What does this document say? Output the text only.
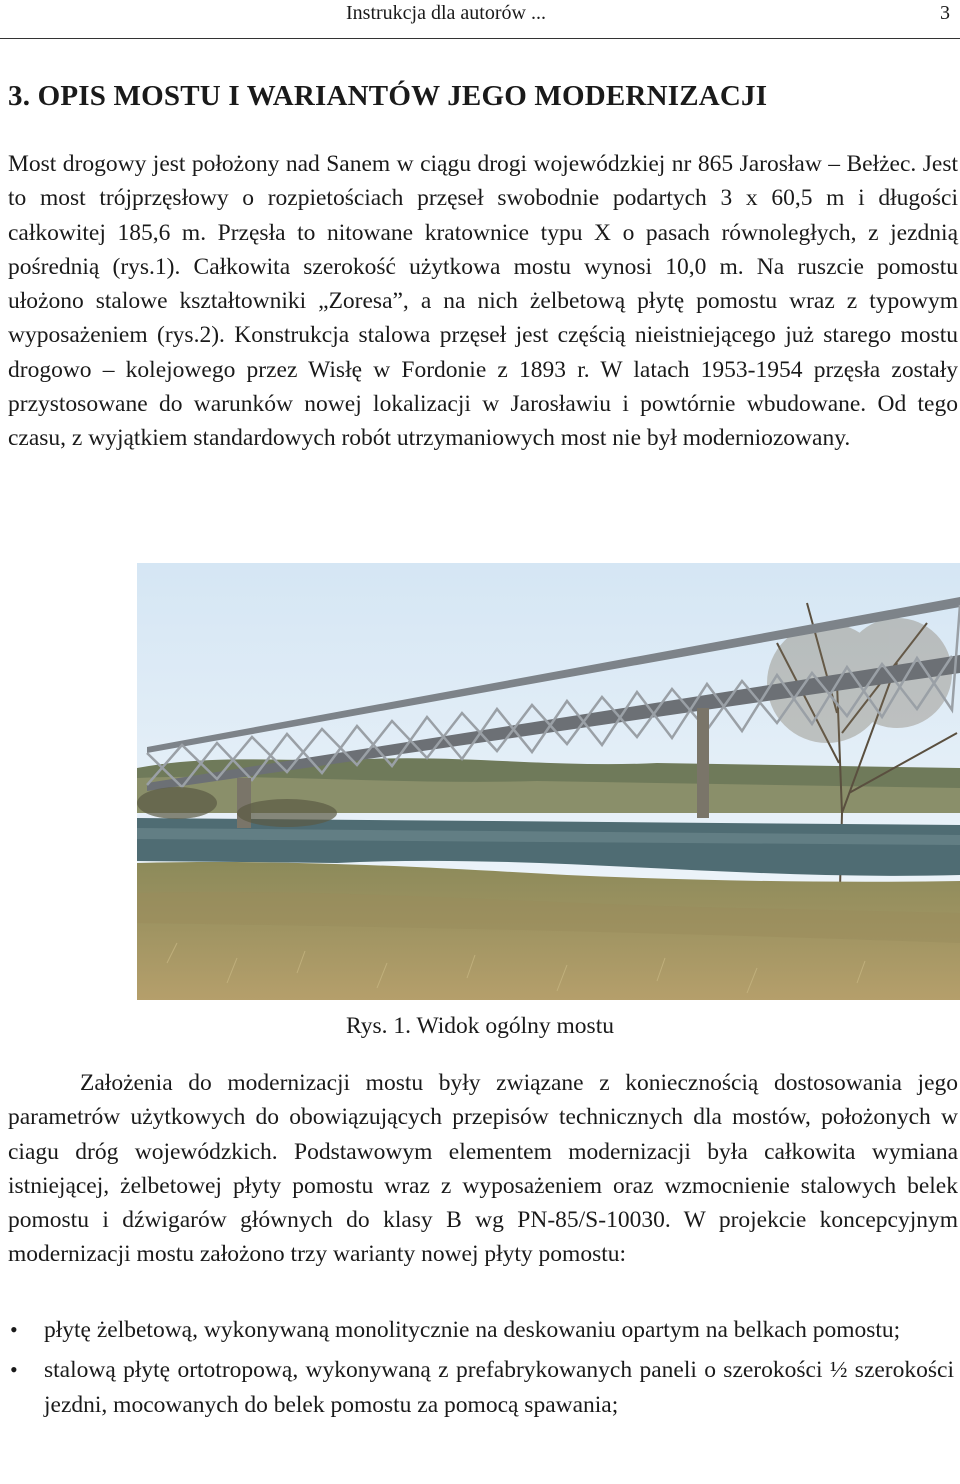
Instrukcja dla autorów ...	3
3. OPIS MOSTU I WARIANTÓW JEGO MODERNIZACJI

Most drogowy jest położony nad Sanem w ciągu drogi wojewódzkiej nr 865 Jarosław – Bełżec. Jest to most trójprzęsłowy o rozpietościach przęseł swobodnie podartych 3 x 60,5 m i długości całkowitej 185,6 m. Przęsła to nitowane kratownice typu X o pasach równoległych, z jezdnią pośrednią (rys.1). Całkowita szerokość użytkowa mostu wynosi 10,0 m. Na ruszcie pomostu ułożono stalowe kształtowniki „Zoresa”, a na nich żelbetową płytę pomostu wraz z typowym wyposażeniem (rys.2). Konstrukcja stalowa przęseł jest częścią nieistniejącego już starego mostu drogowo – kolejowego przez Wisłę w Fordonie z 1893 r. W latach 1953-1954 przęsła zostały przystosowane do warunków nowej lokalizacji w Jarosławiu i powtórnie wbudowane. Od tego czasu, z wyjątkiem standardowych robót utrzymaniowych most nie był moderniozowany.

Rys. 1. Widok ogólny mostu

Założenia do modernizacji mostu były związane z koniecznością dostosowania jego parametrów użytkowych do obowiązujących przepisów technicznych dla mostów, położonych w ciagu dróg wojewódzkich. Podstawowym elementem modernizacji była całkowita wymiana istniejącej, żelbetowej płyty pomostu wraz z wyposażeniem oraz wzmocnienie stalowych belek pomostu i dźwigarów głównych do klasy B wg PN-85/S-10030. W projekcie koncepcyjnym modernizacji mostu założono trzy warianty nowej płyty pomostu:

• płytę żelbetową, wykonywaną monolitycznie na deskowaniu opartym na belkach pomostu;
• stalową płytę ortotropową, wykonywaną z prefabrykowanych paneli o szerokości ½ szerokości jezdni, mocowanych do belek pomostu za pomocą spawania;
